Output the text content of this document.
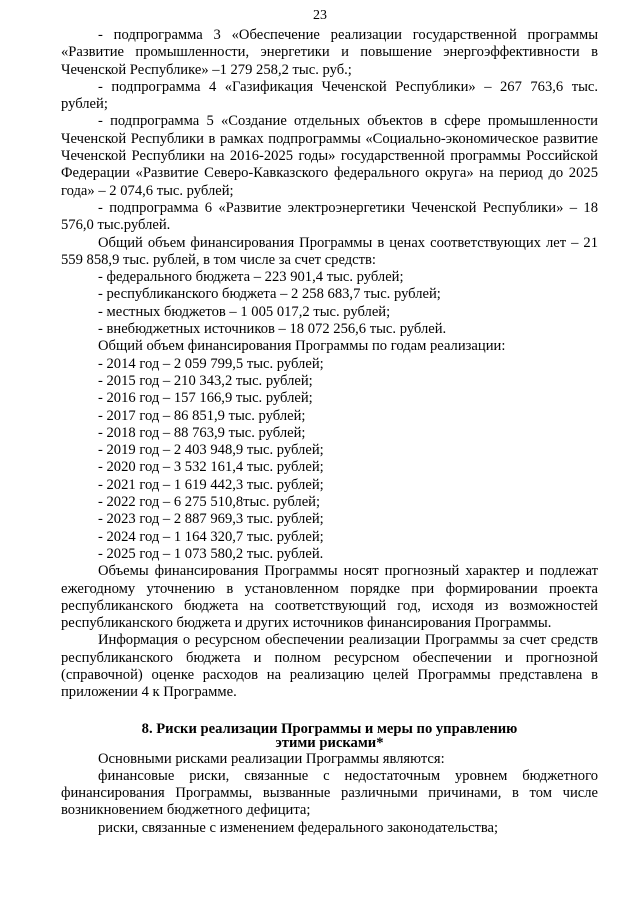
23

- подпрограмма 3 «Обеспечение реализации государственной программы «Развитие промышленности, энергетики и повышение энергоэффективности в Чеченской Республике» –1 279 258,2 тыс. руб.;

- подпрограмма 4 «Газификация Чеченской Республики» – 267 763,6 тыс. рублей;

- подпрограмма 5 «Создание отдельных объектов в сфере промышленности Чеченской Республики в рамках подпрограммы «Социально-экономическое развитие Чеченской Республики на 2016-2025 годы» государственной программы Российской Федерации «Развитие Северо-Кавказского федерального округа» на период до 2025 года» – 2 074,6 тыс. рублей;

- подпрограмма 6 «Развитие электроэнергетики Чеченской Республики» – 18 576,0 тыс.рублей.

Общий объем финансирования Программы в ценах соответствующих лет – 21 559 858,9 тыс. рублей, в том числе за счет средств:

- федерального бюджета – 223 901,4 тыс. рублей;

- республиканского бюджета – 2 258 683,7 тыс. рублей;

- местных бюджетов – 1 005 017,2 тыс. рублей;

- внебюджетных источников – 18 072 256,6 тыс. рублей.

Общий объем финансирования Программы по годам реализации:

- 2014 год – 2 059 799,5 тыс. рублей;

- 2015 год – 210 343,2 тыс. рублей;

- 2016 год – 157 166,9 тыс. рублей;

- 2017 год – 86 851,9 тыс. рублей;

- 2018 год – 88 763,9 тыс. рублей;

- 2019 год – 2 403 948,9 тыс. рублей;

- 2020 год – 3 532 161,4 тыс. рублей;

- 2021 год – 1 619 442,3 тыс. рублей;

- 2022 год – 6 275 510,8тыс. рублей;

- 2023 год – 2 887 969,3 тыс. рублей;

- 2024 год – 1 164 320,7 тыс. рублей;

- 2025 год – 1 073 580,2 тыс. рублей.

Объемы финансирования Программы носят прогнозный характер и подлежат ежегодному уточнению в установленном порядке при формировании проекта республиканского бюджета на соответствующий год, исходя из возможностей республиканского бюджета и других источников финансирования Программы.

Информация о ресурсном обеспечении реализации Программы за счет средств республиканского бюджета и полном ресурсном обеспечении и прогнозной (справочной) оценке расходов на реализацию целей Программы представлена в приложении 4 к Программе.

8. Риски реализации Программы и меры по управлению
этими рисками*

Основными рисками реализации Программы являются:

финансовые риски, связанные с недостаточным уровнем бюджетного финансирования Программы, вызванные различными причинами, в том числе возникновением бюджетного дефицита;

риски, связанные с изменением федерального законодательства;
